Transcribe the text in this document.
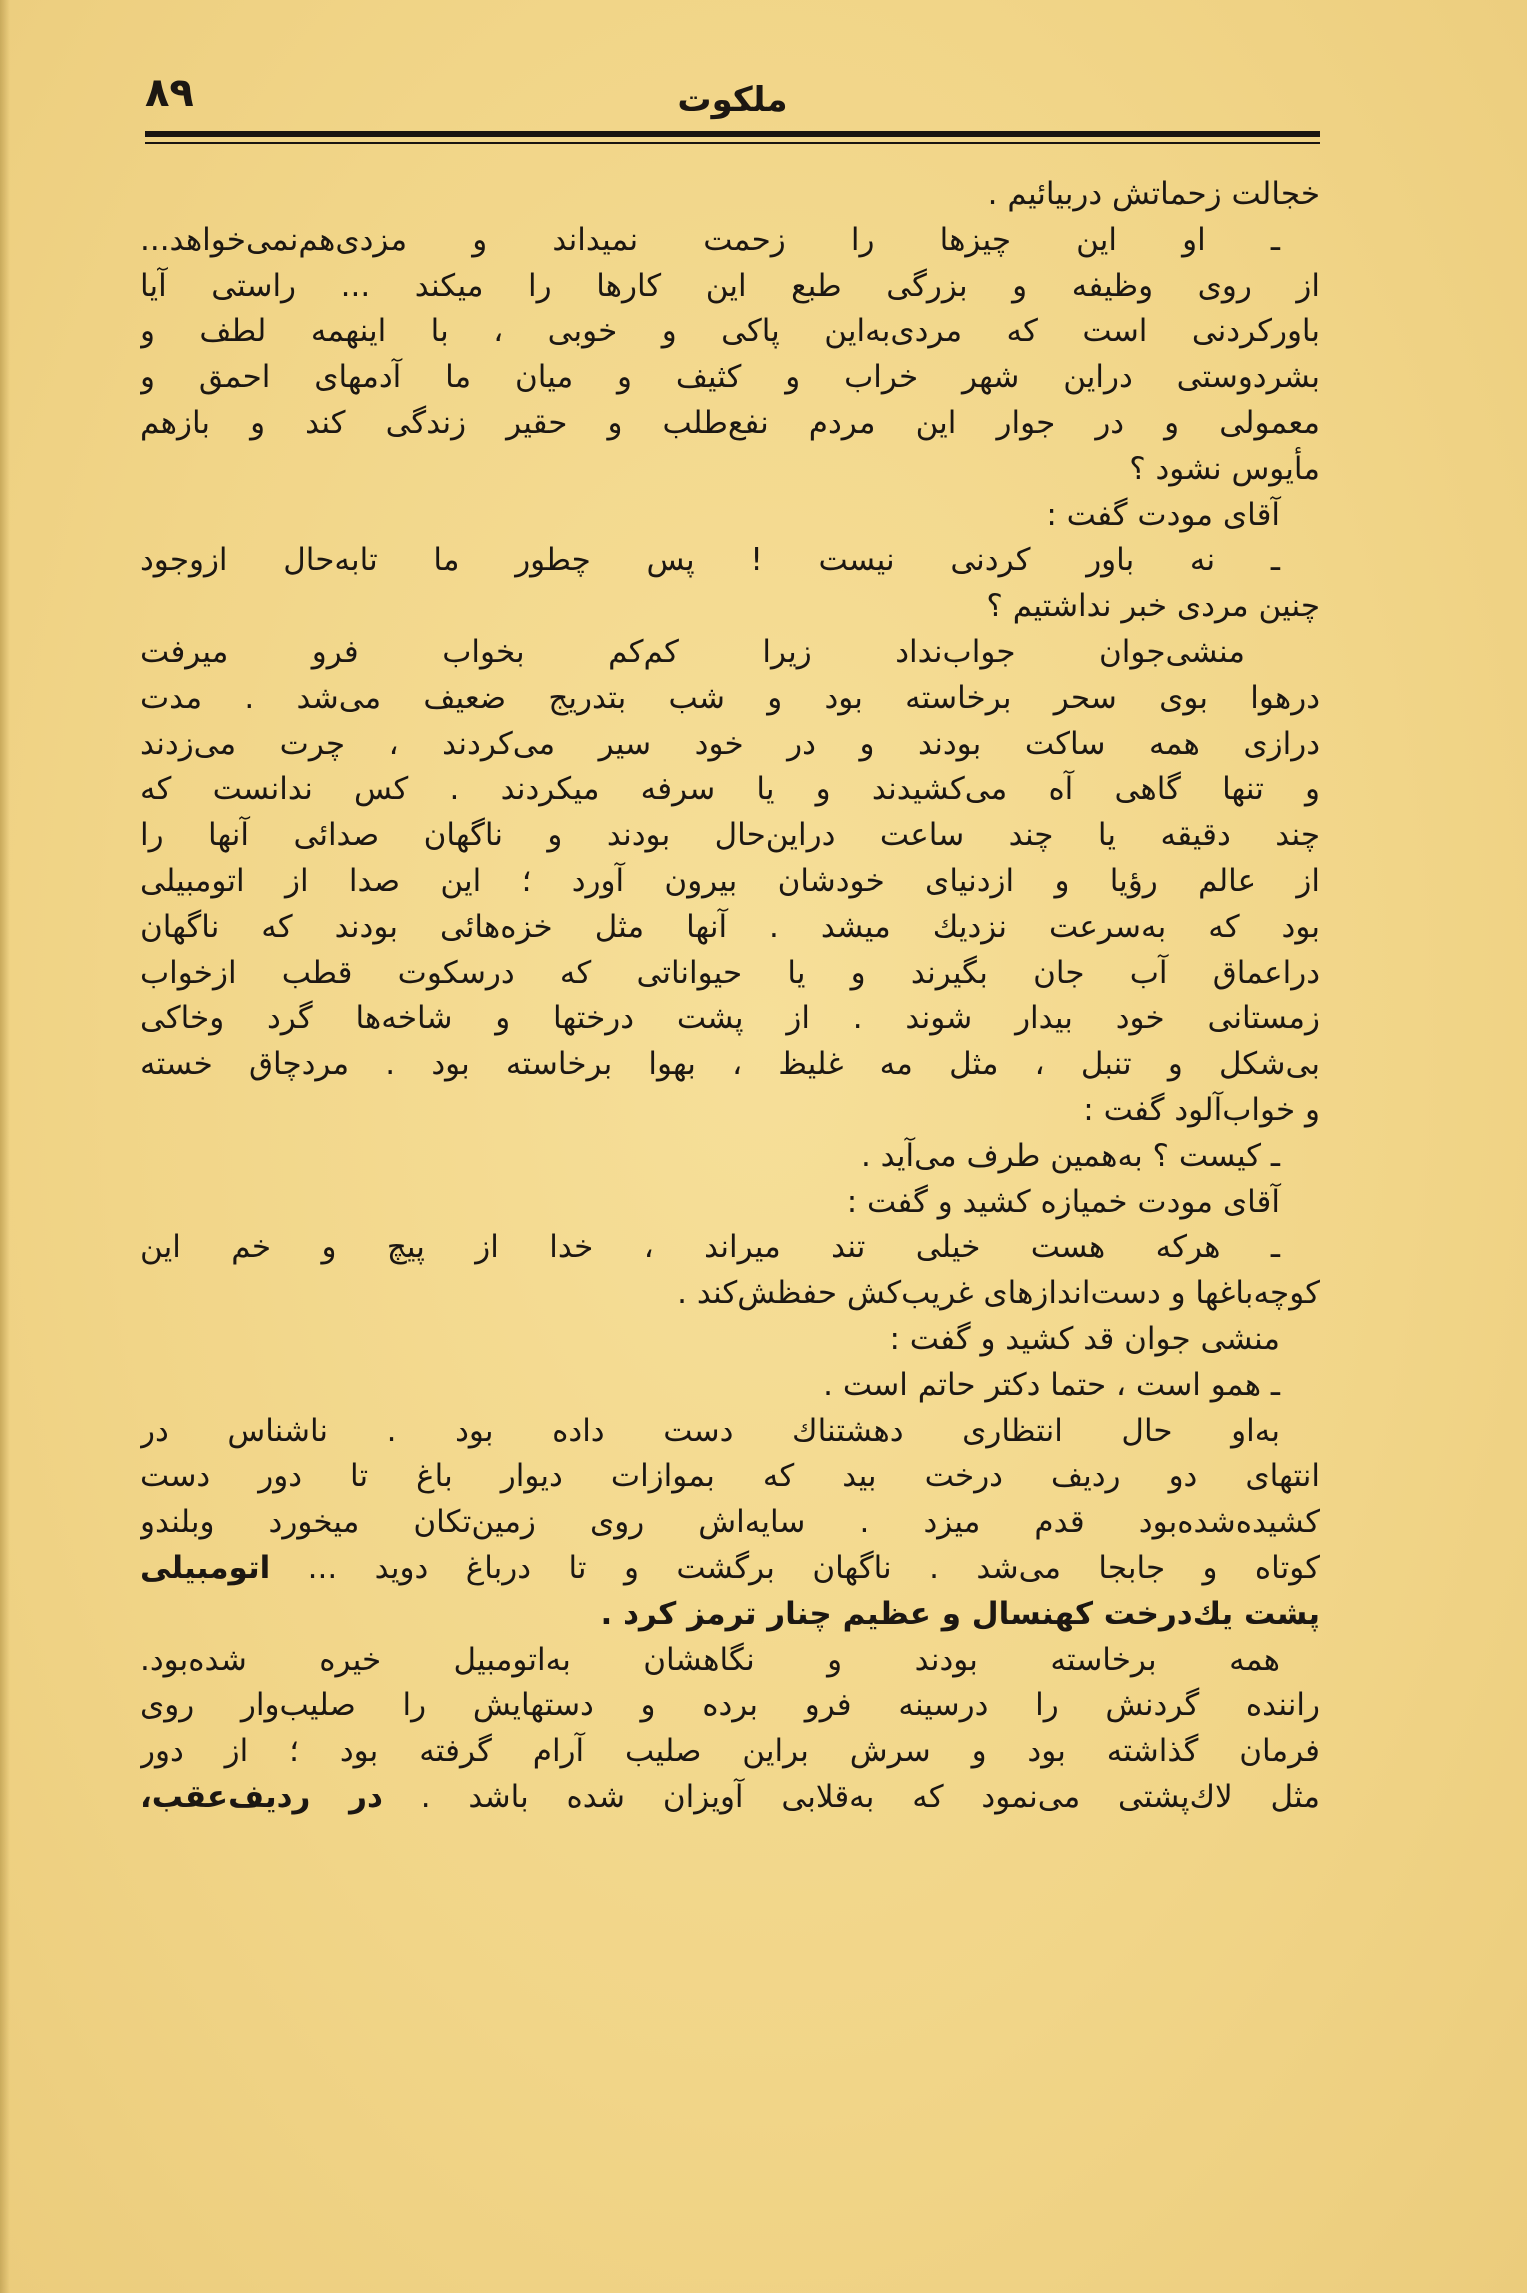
۸۹	ملکوت
خجالت زحماتش دربیائیم .
ـ او این چیزها را زحمت نمیداند و مزدی‌هم‌نمی‌خواهد...
از روی وظیفه و بزرگی طبع این کارها را میکند ... راستی آیا
باورکردنی است که مردی‌به‌این پاکی و خوبی ، با اینهمه لطف و
بشردوستی دراین شهر خراب و کثیف و میان ما آدمهای احمق و
معمولی و در جوار این مردم نفع‌طلب و حقیر زندگی کند و بازهم
مأیوس نشود ؟
آقای مودت گفت :
ـ نه باور کردنی نیست ! پس چطور ما تابه‌حال ازوجود
چنین مردی خبر نداشتیم ؟
منشی‌جوان جواب‌نداد زیرا کم‌کم بخواب فرو میرفت
درهوا بوی سحر برخاسته بود و شب بتدریج ضعیف می‌شد . مدت
درازی همه ساکت بودند و در خود سیر می‌کردند ، چرت می‌زدند
و تنها گاهی آه می‌کشیدند و یا سرفه میکردند . کس ندانست که
چند دقیقه یا چند ساعت دراین‌حال بودند و ناگهان صدائی آنها را
از عالم رؤیا و ازدنیای خودشان بیرون آورد ؛ این صدا از اتومبیلی
بود که به‌سرعت نزدیك میشد . آنها مثل خزه‌هائی بودند که ناگهان
دراعماق آب جان بگیرند و یا حیواناتی که درسکوت قطب ازخواب
زمستانی خود بیدار شوند . از پشت درختها و شاخه‌ها گرد وخاکی
بی‌شکل و تنبل ، مثل مه غلیظ ، بهوا برخاسته بود . مردچاق خسته
و خواب‌آلود گفت :
ـ کیست ؟ به‌همین طرف می‌آید .
آقای مودت خمیازه کشید و گفت :
ـ هرکه هست خیلی تند میراند ، خدا از پیچ و خم این
کوچه‌باغها و دست‌اندازهای غریب‌کش حفظش‌کند .
منشی جوان قد کشید و گفت :
ـ همو است ، حتما دکتر حاتم است .
به‌او حال انتظاری دهشتناك دست داده بود . ناشناس در
انتهای دو ردیف درخت بید که بموازات دیوار باغ تا دور دست
کشیده‌شده‌بود قدم میزد . سایه‌اش روی زمین‌تکان میخورد وبلندو
کوتاه و جابجا می‌شد . ناگهان برگشت و تا درباغ دوید ... اتومبیلی
پشت یك‌درخت کهنسال و عظیم چنار ترمز کرد .
همه برخاسته بودند و نگاهشان به‌اتومبیل خیره شده‌بود.
راننده گردنش را درسینه فرو برده و دستهایش را صلیب‌وار روی
فرمان گذاشته بود و سرش براین صلیب آرام گرفته بود ؛ از دور
مثل لاك‌پشتی می‌نمود که به‌قلابی آویزان شده باشد . در ردیف‌عقب،
